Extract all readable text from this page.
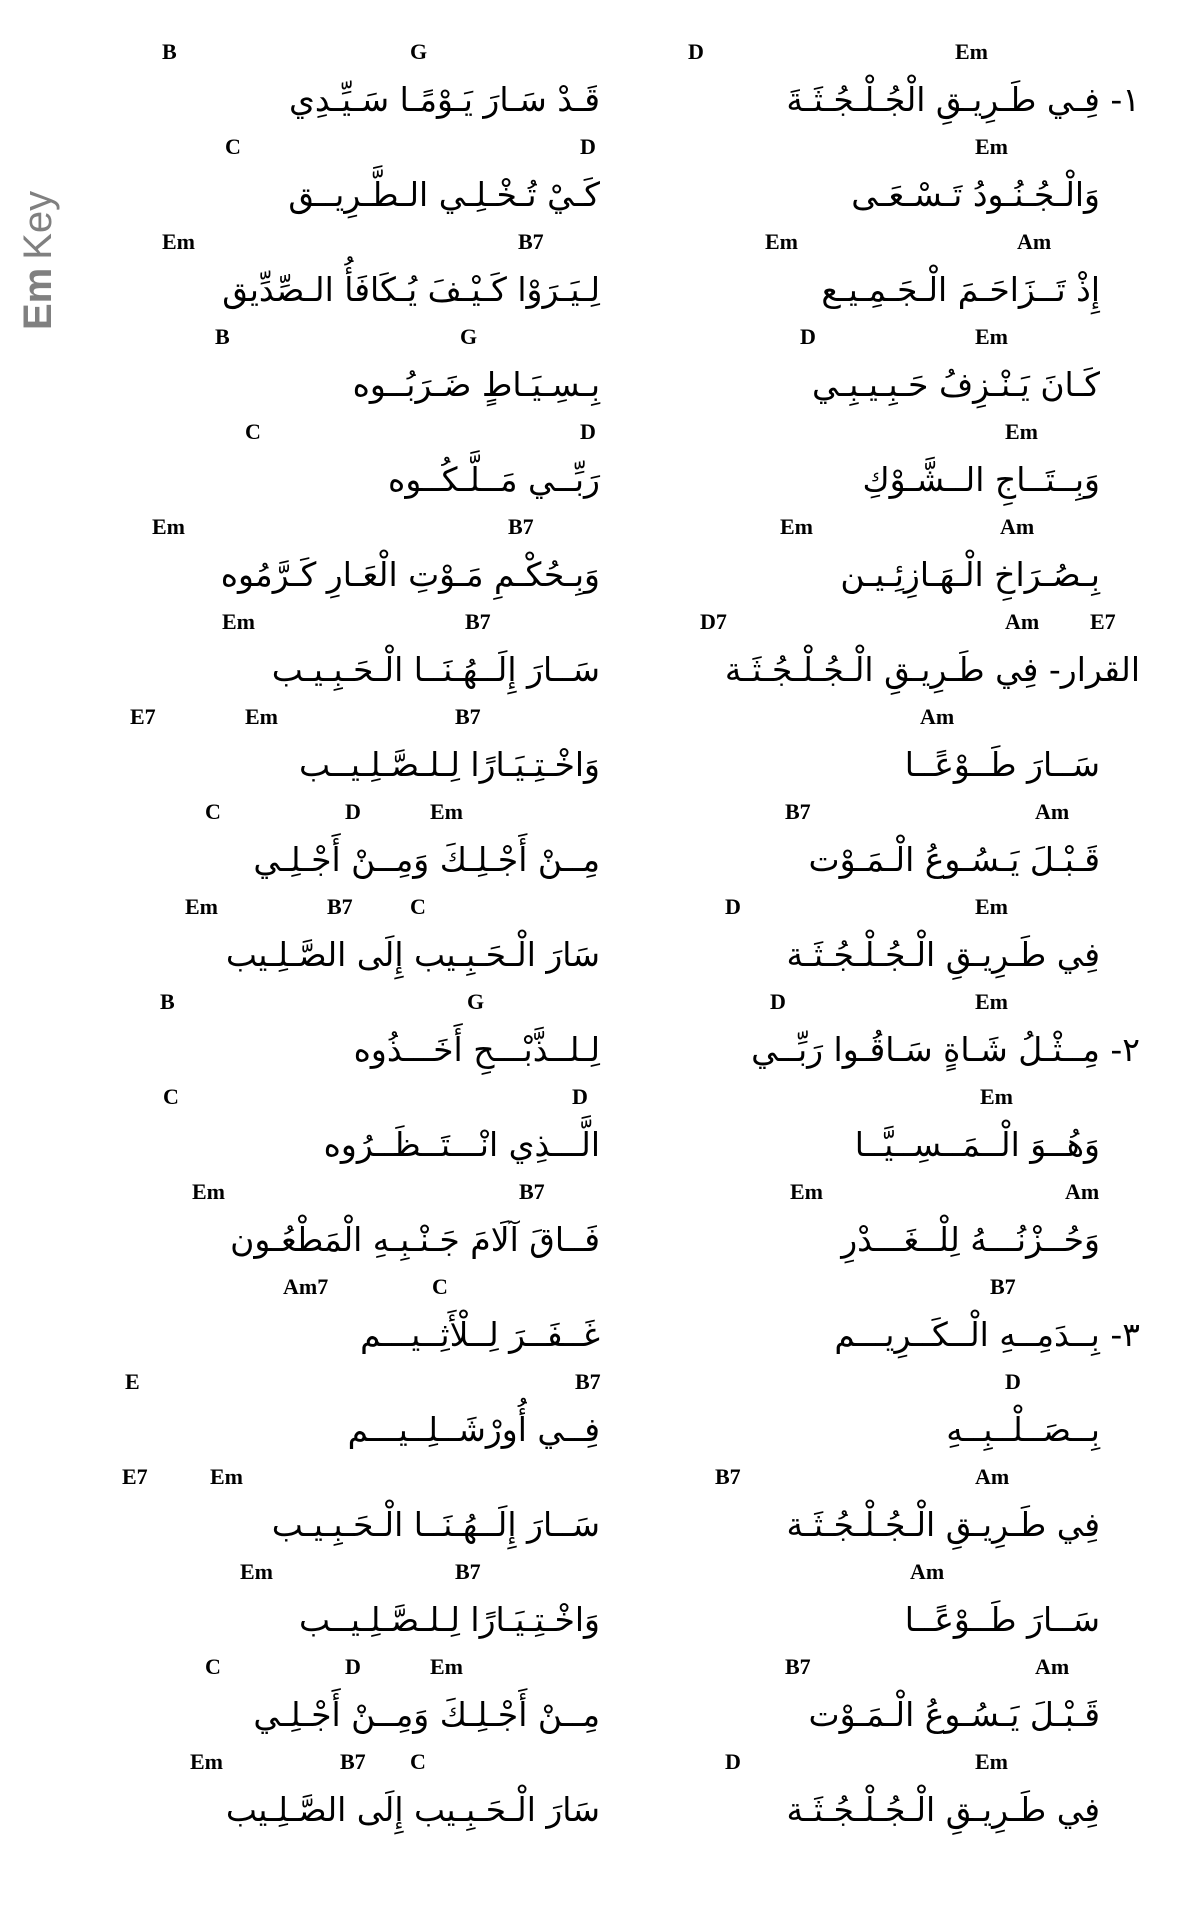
EmKey
D	Em
B	G
١- فِـي طَـرِيـقِ الْجُـلْـجُـثَـةَ
قَـدْ سَـارَ يَـوْمًـا سَـيِّـدِي
Em
C	D
وَالْـجُـنُـودُ تَـسْـعَـى
كَـيْ تُـخْـلِـي الـطَّـرِيــق
Em	Am
Em	B7
إِذْ تَــزَاحَـمَ الْـجَـمِـيـع
لِـيَـرَوْا كَـيْـفَ يُـكَافَأُ الـصِّدِّيق
D	Em
B	G
كَـانَ يَـنْـزِفُ حَـبِـيـبِـي
بِـسِـيَـاطٍ ضَـرَبُــوه
Em
C	D
وَبِــتَــاجِ الــشَّـوْكِ
رَبِّــي مَــلَّـكُــوه
Em	Am
Em	B7
بِـصُـرَاخِ الْـهَـازِئِـيـن
وَبِـحُكْـمِ مَـوْتِ الْعَـارِ كَـرَّمُوه
D7	Am E7
Em	B7
القرار- فِي طَـرِيـقِ الْـجُـلْـجُـثَـة
سَــارَ إِلَــهُـنَــا الْـحَـبِـيـب
Am
E7	Em	B7
سَــارَ طَــوْعًــا
وَاخْـتِـيَـارًا لِـلـصَّـلِـيــب
B7	Am
C	D	Em
قَـبْـلَ يَـسُـوعُ الْـمَـوْت
مِــنْ أَجْـلِـكَ وَمِــنْ أَجْـلِـي
D	Em
Em	B7	C
فِي طَـرِيـقِ الْـجُـلْـجُـثَـة
سَارَ الْـحَـبِـيب إِلَى الصَّـلِـيب
D	Em
B	G
٢- مِــثْـلُ شَـاةٍ سَـاقُـوا رَبِّــي
لِـلــذَّبْـــحِ أَخَـــذُوه
Em
C	D
وَهُــوَ الْــمَــسِــيَّــا
الَّـــذِي انْـــتَــظَــرُوه
Em	Am
Em	B7
وَحُــزْنُـــهُ لِلْــغَـــدْرِ
فَــاقَ آلَامَ جَـنْـبِـهِ الْمَطْعُـون
B7
Am7	C
٣- بِــدَمِــهِ الْــكَــرِيـــم
غَــفَــرَ لِــلْأَثِــيـــم
D
E	B7
بِــصَــلْــبِــهِ
فِــي أُورْشَــلِــيـــم
B7	Am
E7	Em
فِي طَـرِيـقِ الْـجُـلْـجُـثَـة
سَــارَ إِلَــهُـنَــا الْـحَـبِـيـب
Am
Em	B7
سَــارَ طَــوْعًــا
وَاخْـتِـيَـارًا لِـلـصَّـلِـيــب
B7	Am
C	D	Em
قَـبْـلَ يَـسُـوعُ الْـمَـوْت
مِــنْ أَجْـلِـكَ وَمِــنْ أَجْـلِـي
D	Em
Em	B7 C
فِي طَـرِيـقِ الْـجُـلْـجُـثَـة
سَارَ الْـحَـبِـيب إِلَى الصَّـلِـيب
